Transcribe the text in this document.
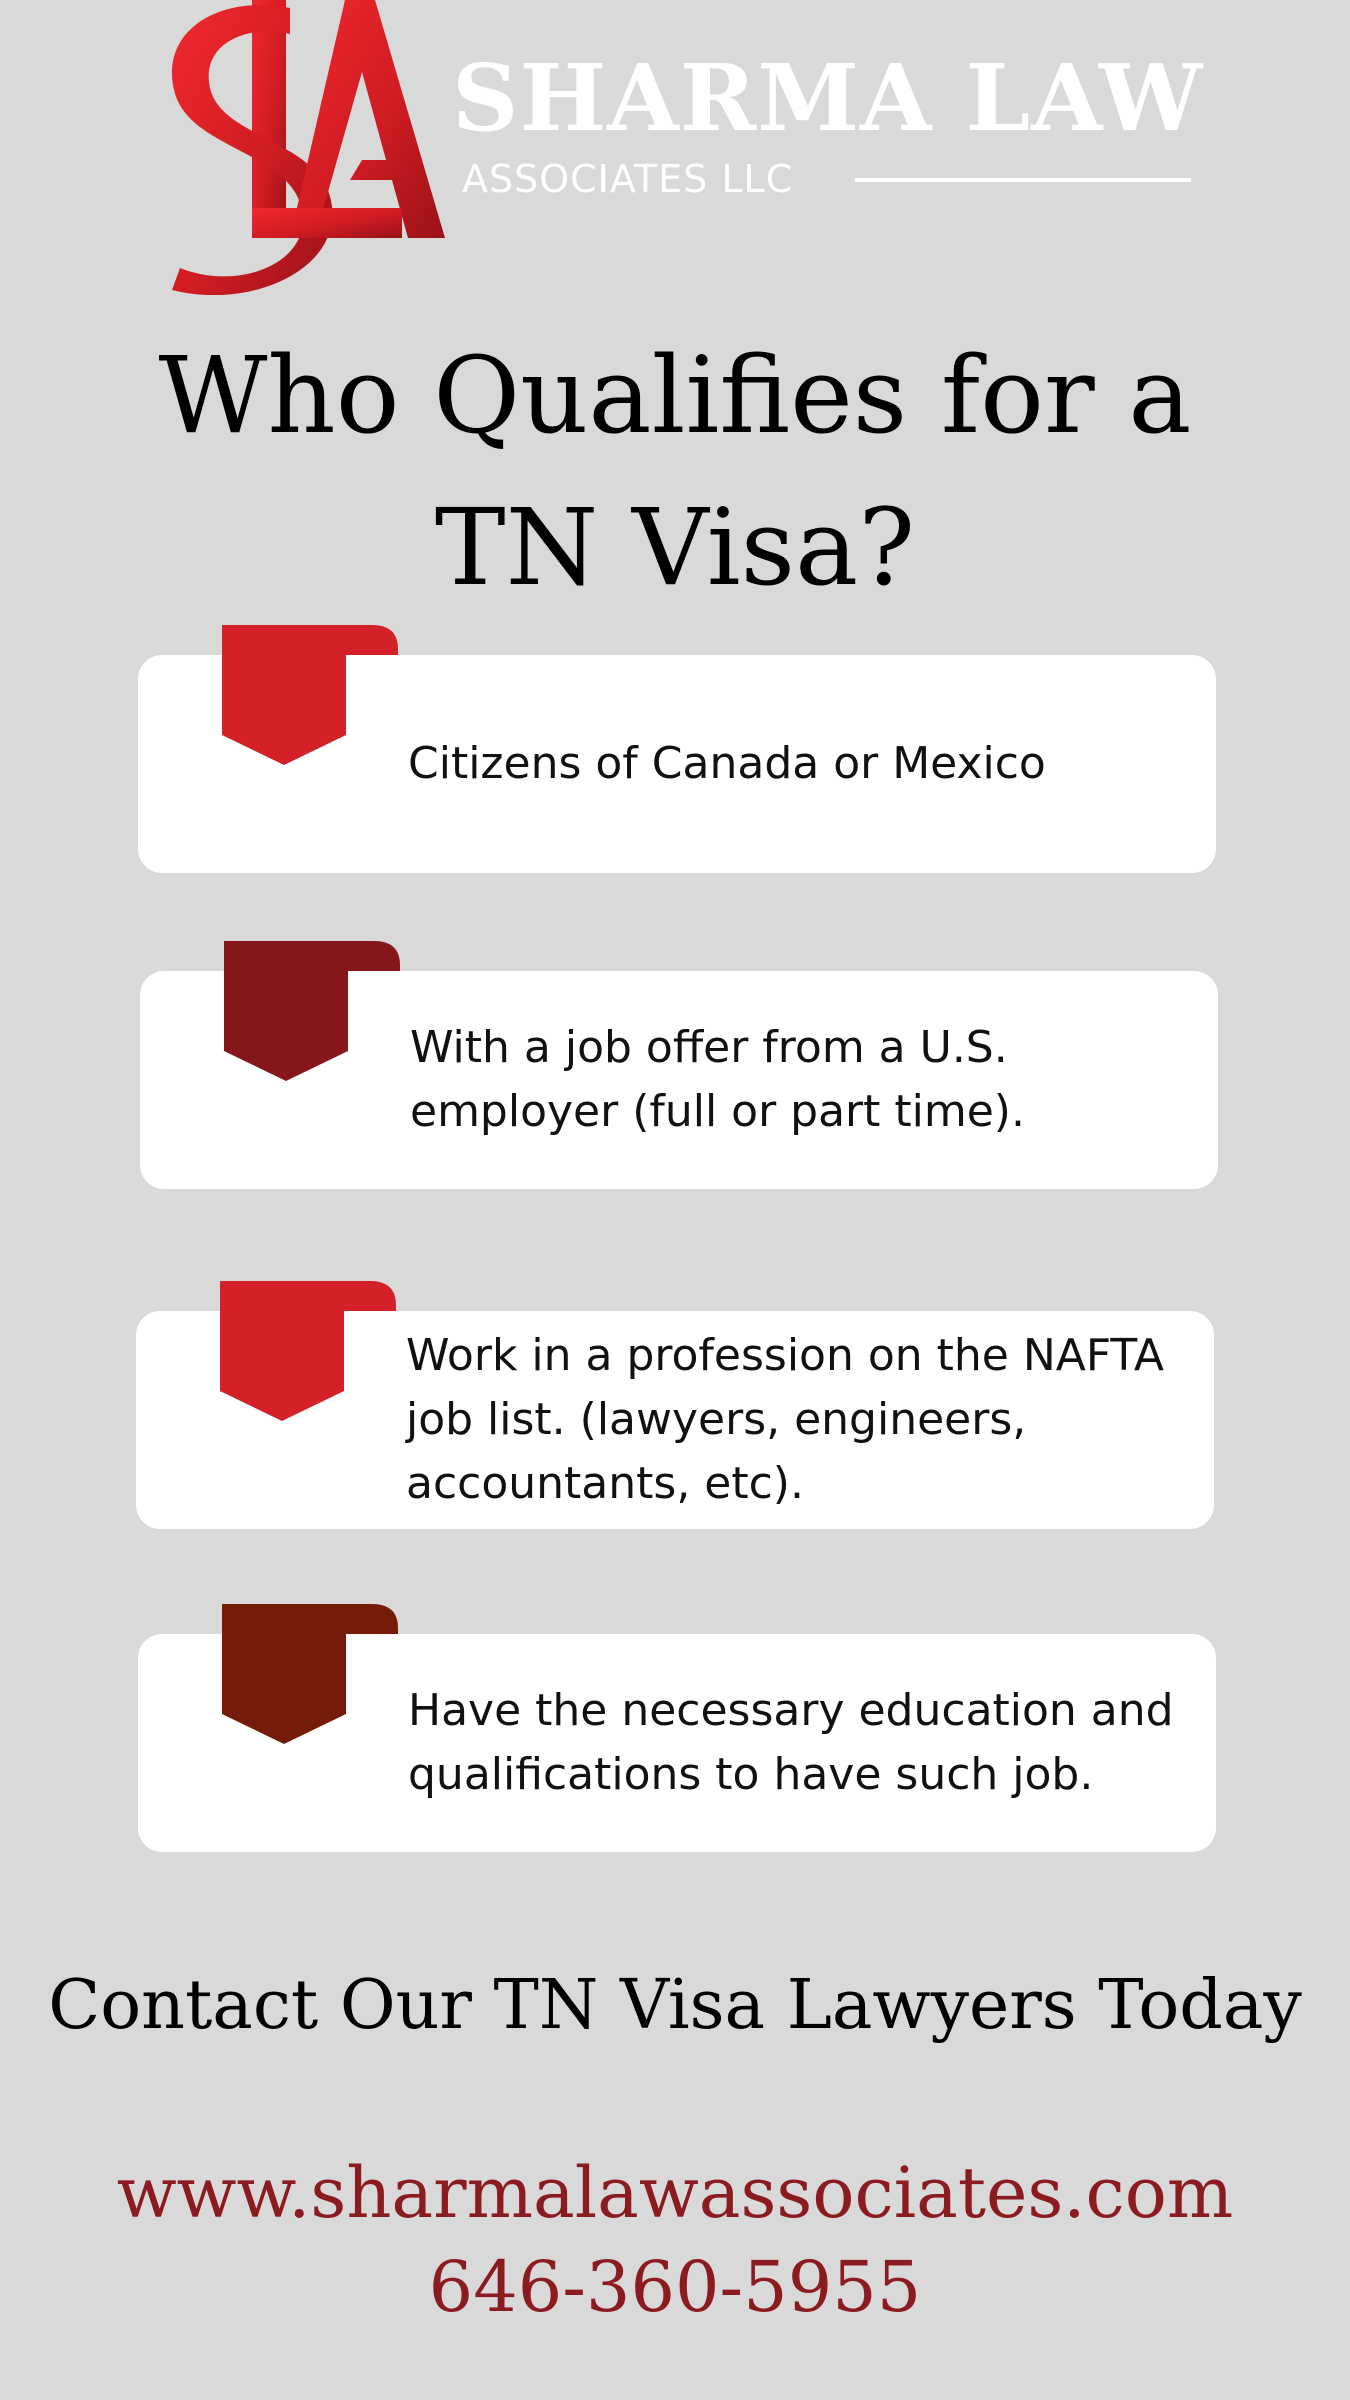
SHARMA LAW
ASSOCIATES LLC
Who Qualifies for a TN Visa?
Citizens of Canada or Mexico
With a job offer from a U.S. employer (full or part time).
Work in a profession on the NAFTA job list. (lawyers, engineers, accountants, etc).
Have the necessary education and qualifications to have such job.
Contact Our TN Visa Lawyers Today
www.sharmalawassociates.com
646-360-5955
